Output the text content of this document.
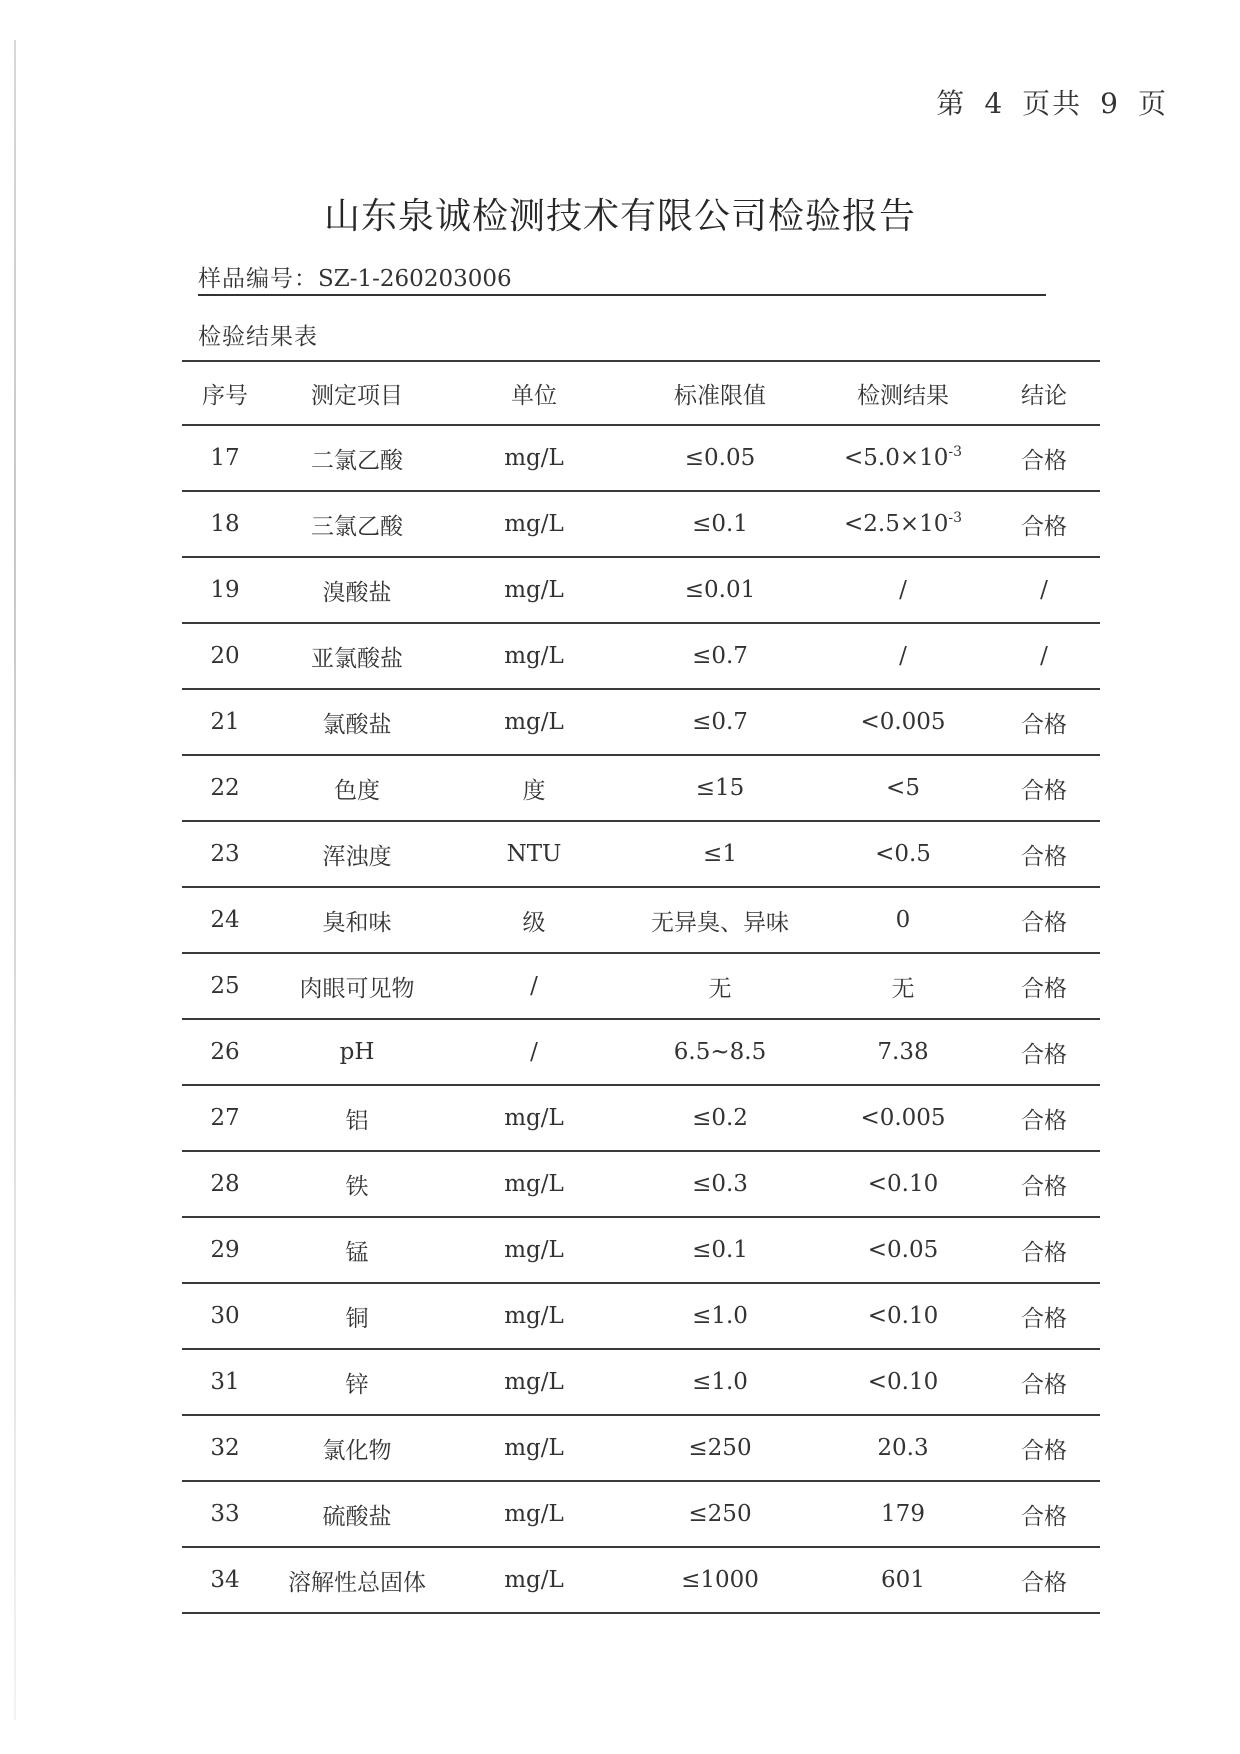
第 4 页共 9 页
山东泉诚检测技术有限公司检验报告
样品编号：SZ-1-260203006
检验结果表
序号	测定项目	单位	标准限值	检测结果	结论
17	二氯乙酸	mg/L	≤0.05	$<5.0\times 10^{-3}$	合格
18	三氯乙酸	mg/L	≤0.1	$<2.5\times 10^{-3}$	合格
19	溴酸盐	mg/L	≤0.01	/	/
20	亚氯酸盐	mg/L	≤0.7	/	/
21	氯酸盐	mg/L	≤0.7	<0.005	合格
22	色度	度	≤15	<5	合格
23	浑浊度	NTU	≤1	<0.5	合格
24	臭和味	级	无异臭、异味	0	合格
25	肉眼可见物	/	无	无	合格
26	pH	/	6.5~8.5	7.38	合格
27	铝	mg/L	≤0.2	<0.005	合格
28	铁	mg/L	≤0.3	<0.10	合格
29	锰	mg/L	≤0.1	<0.05	合格
30	铜	mg/L	≤1.0	<0.10	合格
31	锌	mg/L	≤1.0	<0.10	合格
32	氯化物	mg/L	≤250	20.3	合格
33	硫酸盐	mg/L	≤250	179	合格
34	溶解性总固体	mg/L	≤1000	601	合格
